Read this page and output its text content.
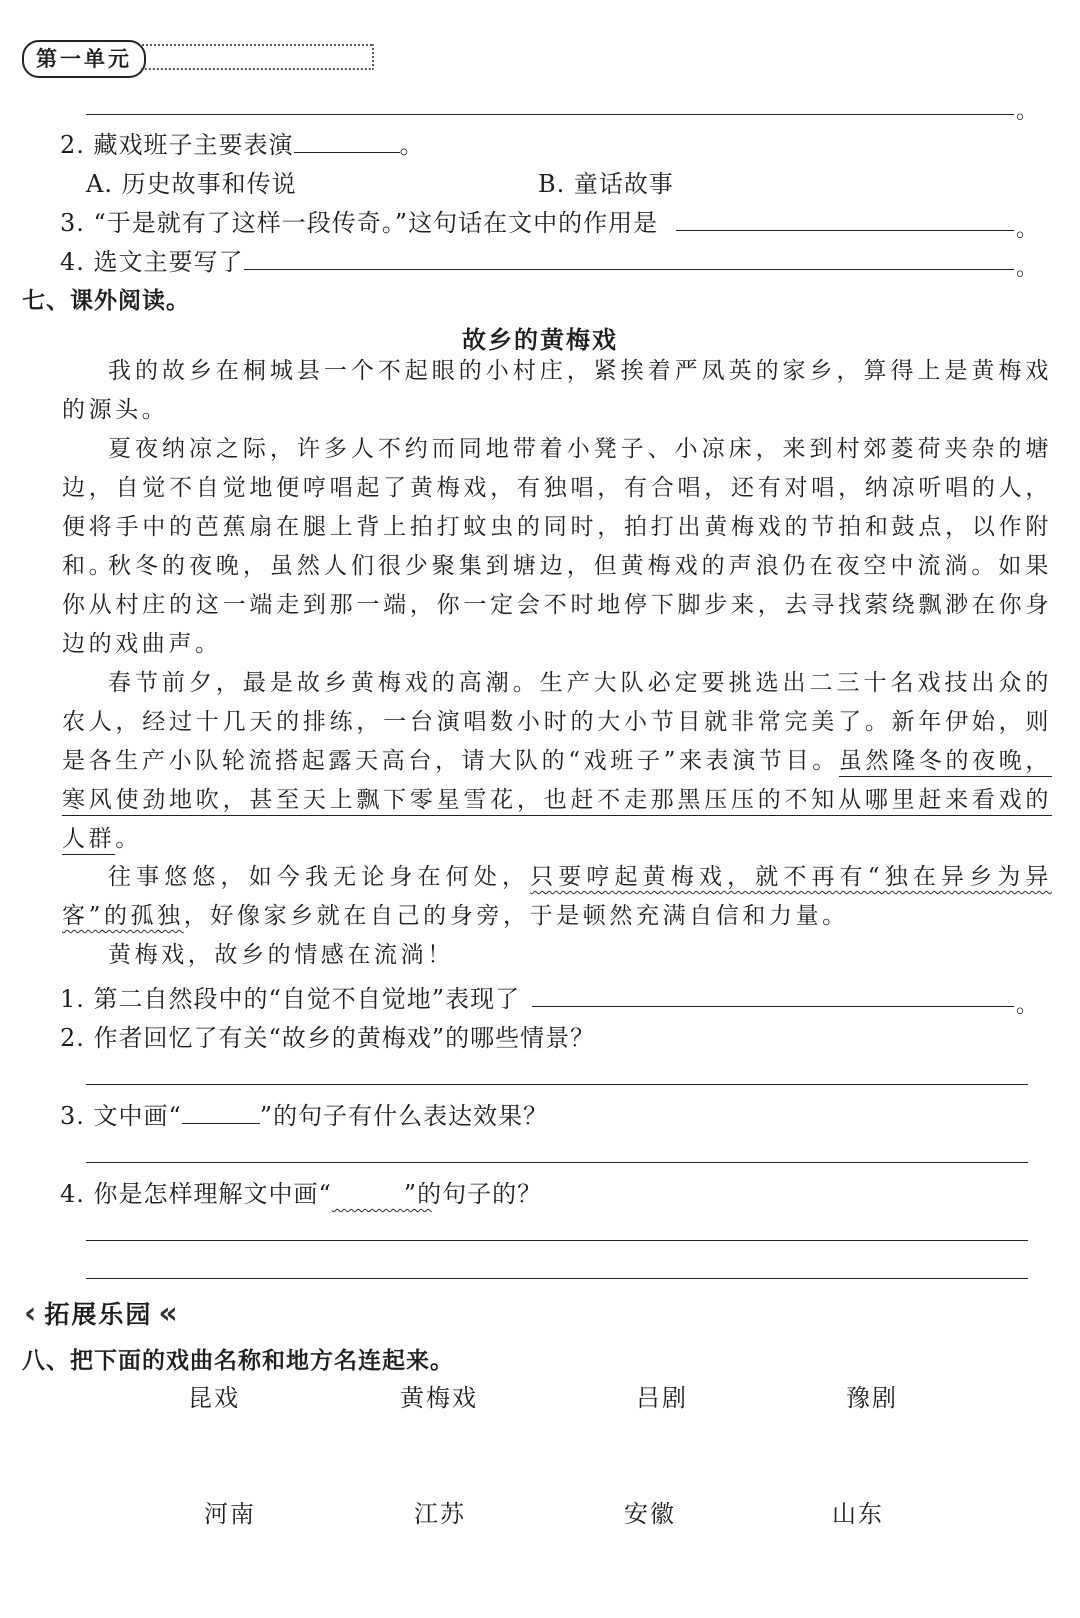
第一单元
。
2. 藏戏班子主要表演	。
A. 历史故事和传说	B. 童话故事
3. “于是就有了这样一段传奇。”这句话在文中的作用是	。
4. 选文主要写了	。
七、课外阅读。
故乡的黄梅戏
我的故乡在桐城县一个不起眼的小村庄，紧挨着严凤英的家乡，算得上是黄梅戏的源头。
夏夜纳凉之际，许多人不约而同地带着小凳子、小凉床，来到村郊菱荷夹杂的塘边，自觉不自觉地便哼唱起了黄梅戏，有独唱，有合唱，还有对唱，纳凉听唱的人，便将手中的芭蕉扇在腿上背上拍打蚊虫的同时，拍打出黄梅戏的节拍和鼓点，以作附和。
秋冬的夜晚，虽然人们很少聚集到塘边，但黄梅戏的声浪仍在夜空中流淌。如果你从村庄的这一端走到那一端，你一定会不时地停下脚步来，去寻找萦绕飘渺在你身边的戏曲声。
春节前夕，最是故乡黄梅戏的高潮。生产大队必定要挑选出二三十名戏技出众的农人，经过十几天的排练，一台演唱数小时的大小节目就非常完美了。新年伊始，则是各生产小队轮流搭起露天高台，请大队的“戏班子”来表演节目。虽然隆冬的夜晚，寒风使劲地吹，甚至天上飘下零星雪花，也赶不走那黑压压的不知从哪里赶来看戏的人群。
往事悠悠，如今我无论身在何处，只要哼起黄梅戏，就不再有“独在异乡为异客”的孤独，好像家乡就在自己的身旁，于是顿然充满自信和力量。
黄梅戏，故乡的情感在流淌！
1. 第二自然段中的“自觉不自觉地”表现了	。
2. 作者回忆了有关“故乡的黄梅戏”的哪些情景？
3. 文中画“	”的句子有什么表达效果？
4. 你是怎样理解文中画“	”的句子的？
‹ 拓展乐园 «
八、把下面的戏曲名称和地方名连起来。
昆戏	黄梅戏	吕剧	豫剧
河南	江苏	安徽	山东
